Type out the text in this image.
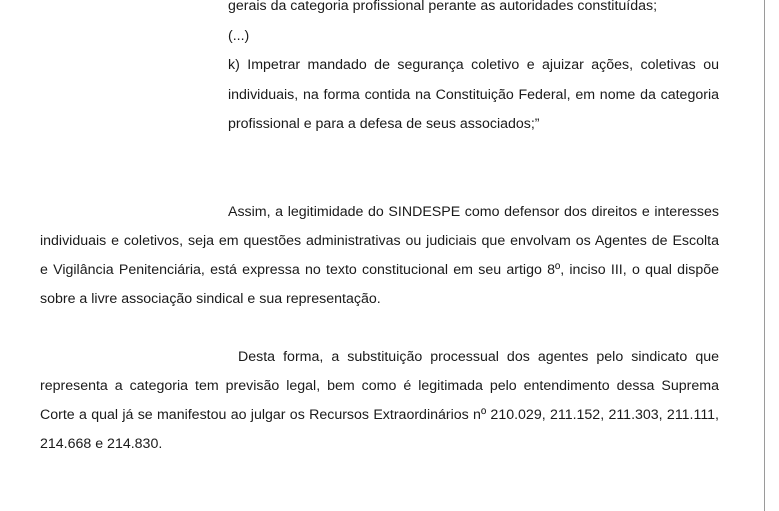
gerais da categoria profissional perante as autoridades constituídas;
(...)
k) Impetrar mandado de segurança coletivo e ajuizar ações, coletivas ou
individuais, na forma contida na Constituição Federal, em nome da categoria
profissional e para a defesa de seus associados;”
Assim, a legitimidade do SINDESPE como defensor dos direitos e interesses
individuais e coletivos, seja em questões administrativas ou judiciais que envolvam os Agentes de Escolta
e Vigilância Penitenciária, está expressa no texto constitucional em seu artigo 8º, inciso III, o qual dispõe
sobre a livre associação sindical e sua representação.
Desta forma, a substituição processual dos agentes pelo sindicato que
representa a categoria tem previsão legal, bem como é legitimada pelo entendimento dessa Suprema
Corte a qual já se manifestou ao julgar os Recursos Extraordinários nº 210.029, 211.152, 211.303, 211.111,
214.668 e 214.830.
